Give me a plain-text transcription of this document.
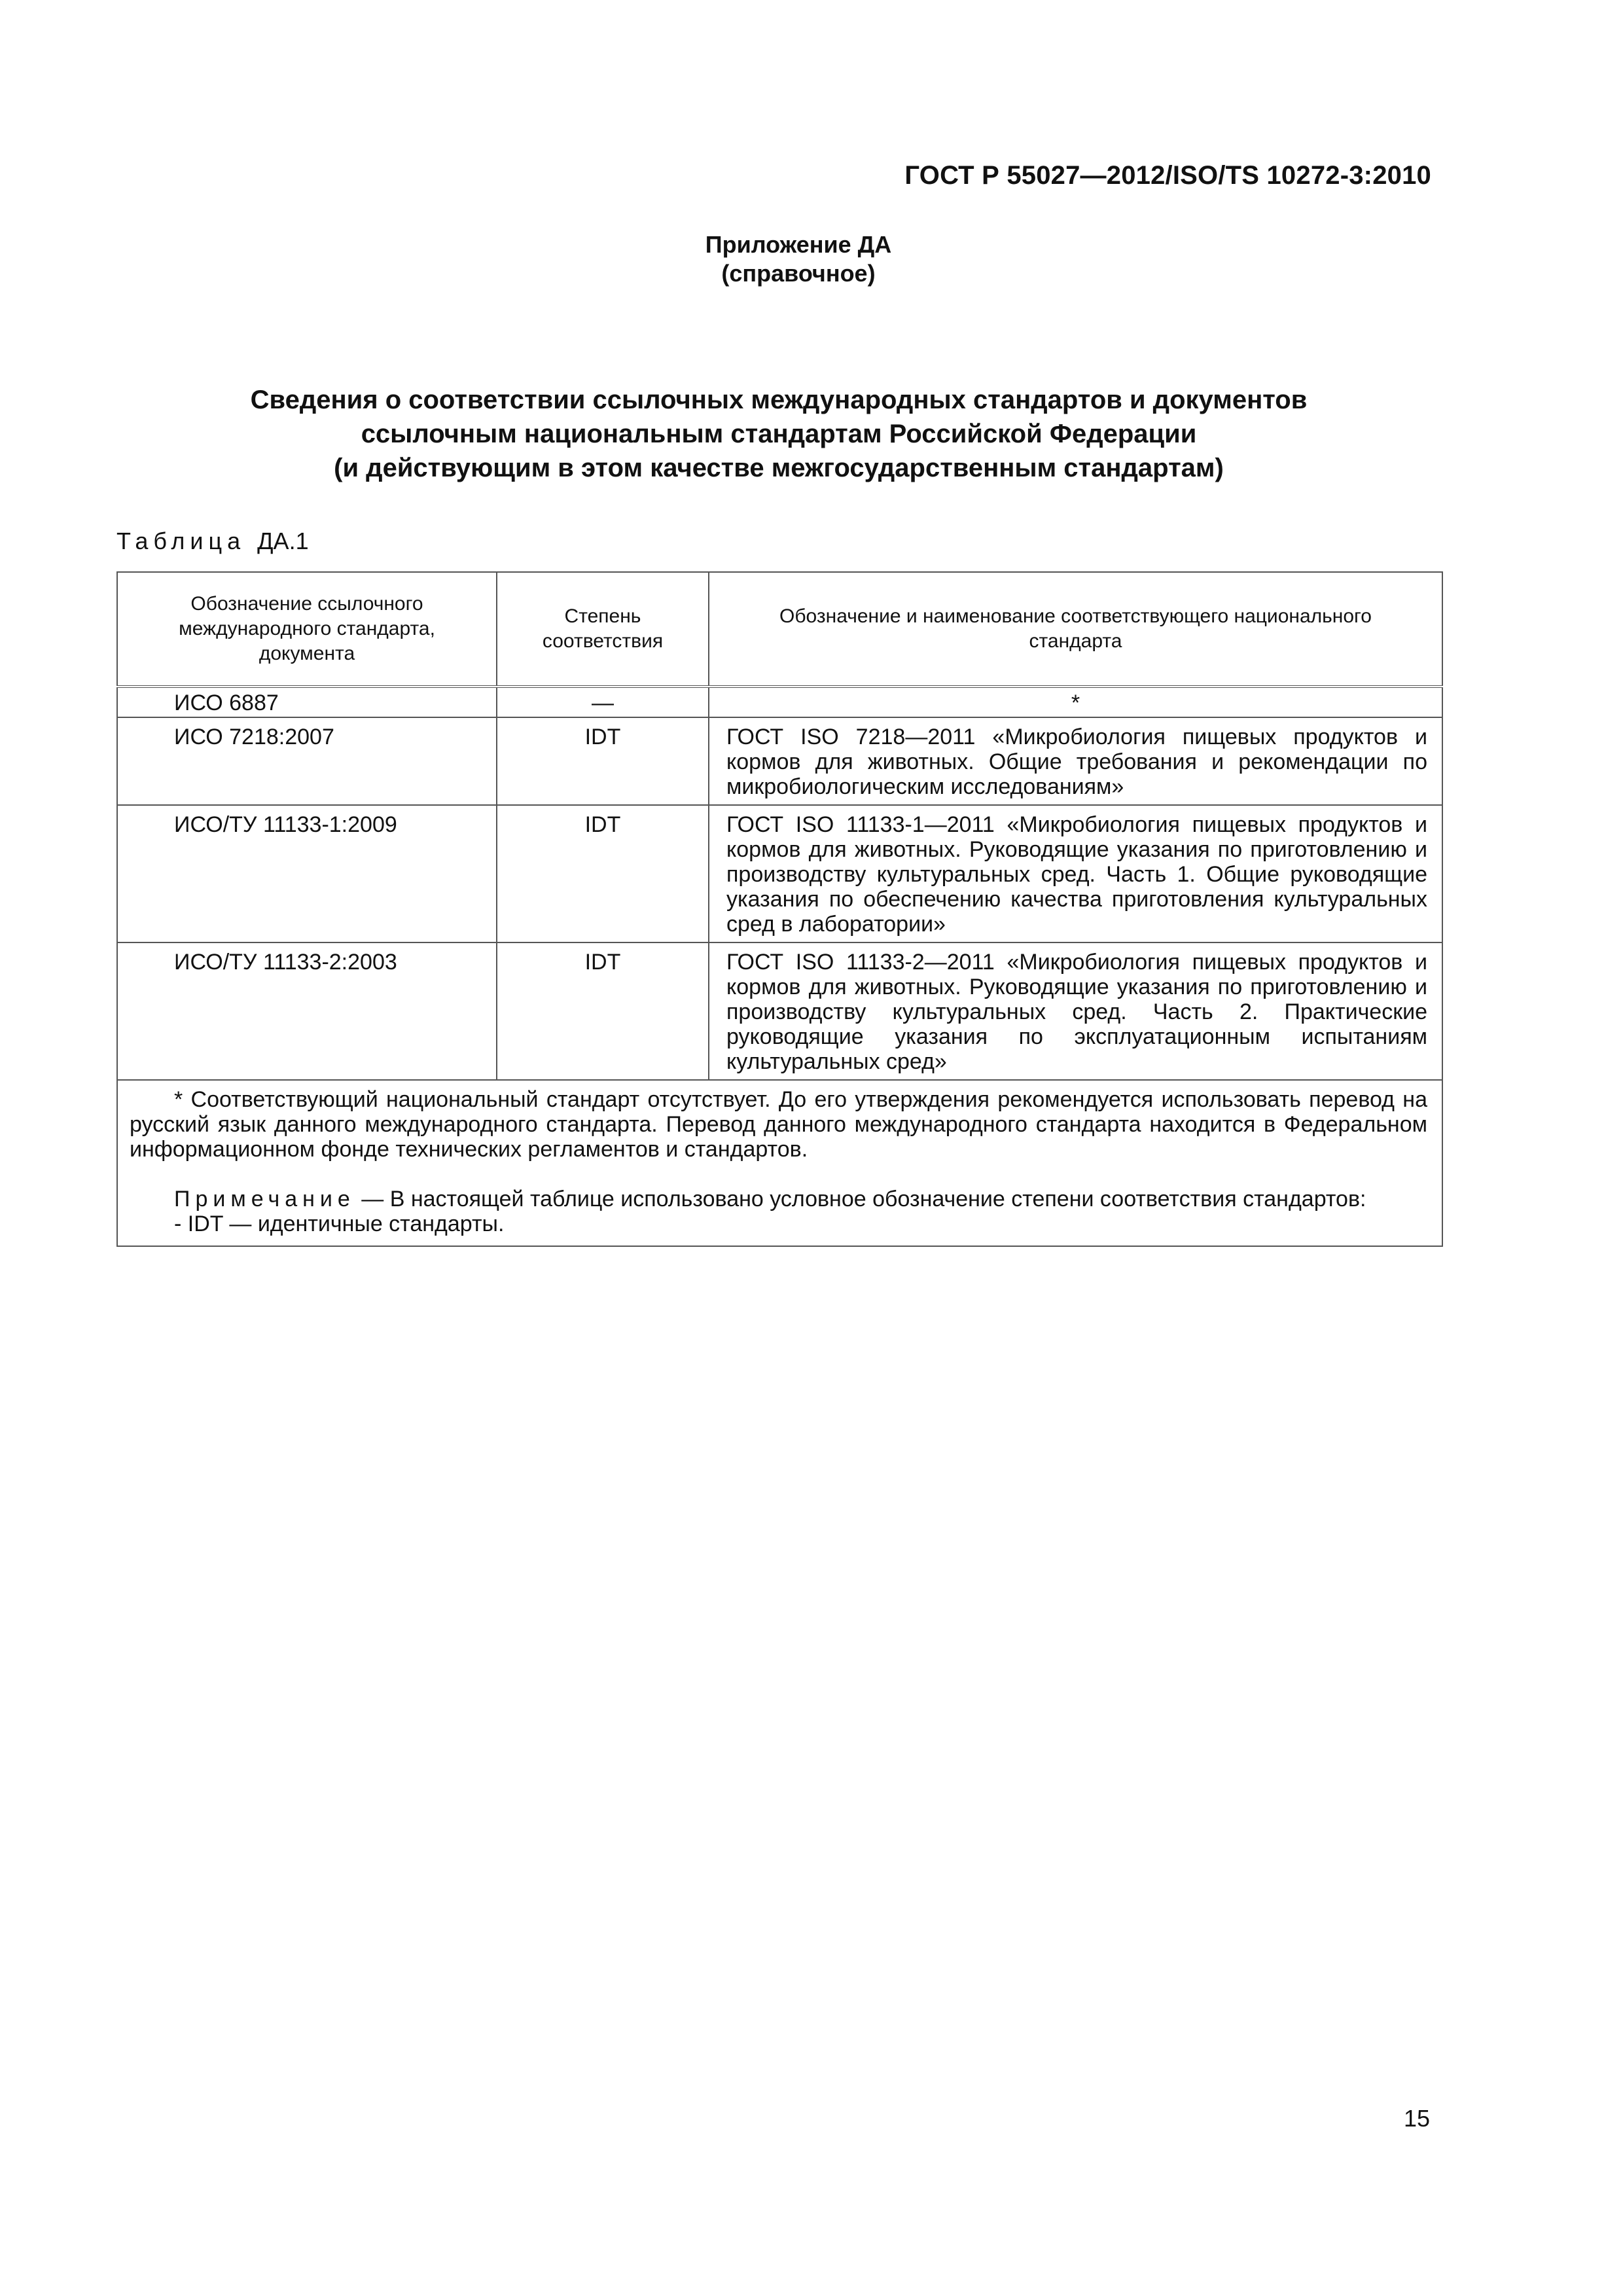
ГОСТ Р 55027—2012/ISO/TS 10272-3:2010
Приложение ДА
(справочное)
Сведения о соответствии ссылочных международных стандартов и документов
ссылочным национальным стандартам Российской Федерации
(и действующим в этом качестве межгосударственным стандартам)
Таблица ДА.1
Обозначение ссылочного международного стандарта, документа	Степень соответствия	Обозначение и наименование соответствующего национального стандарта
ИСО 6887	—	*
ИСО 7218:2007	IDT	ГОСТ ISO 7218—2011 «Микробиология пищевых продуктов и кормов для животных. Общие требования и рекомендации по микробиологическим исследованиям»
ИСО/ТУ 11133-1:2009	IDT	ГОСТ ISO 11133-1—2011 «Микробиология пищевых продуктов и кормов для животных. Руководящие указания по приготовлению и производству культуральных сред. Часть 1. Общие руководящие указания по обеспечению качества приготовления культуральных сред в лаборатории»
ИСО/ТУ 11133-2:2003	IDT	ГОСТ ISO 11133-2—2011 «Микробиология пищевых продуктов и кормов для животных. Руководящие указания по приготовлению и производству культуральных сред. Часть 2. Практические руководящие указания по эксплуатационным испытаниям культуральных сред»

* Соответствующий национальный стандарт отсутствует. До его утверждения рекомендуется использовать перевод на русский язык данного международного стандарта. Перевод данного международного стандарта находится в Федеральном информационном фонде технических регламентов и стандартов.

Примечание — В настоящей таблице использовано условное обозначение степени соответствия стандартов:

- IDT — идентичные стандарты.		

15
